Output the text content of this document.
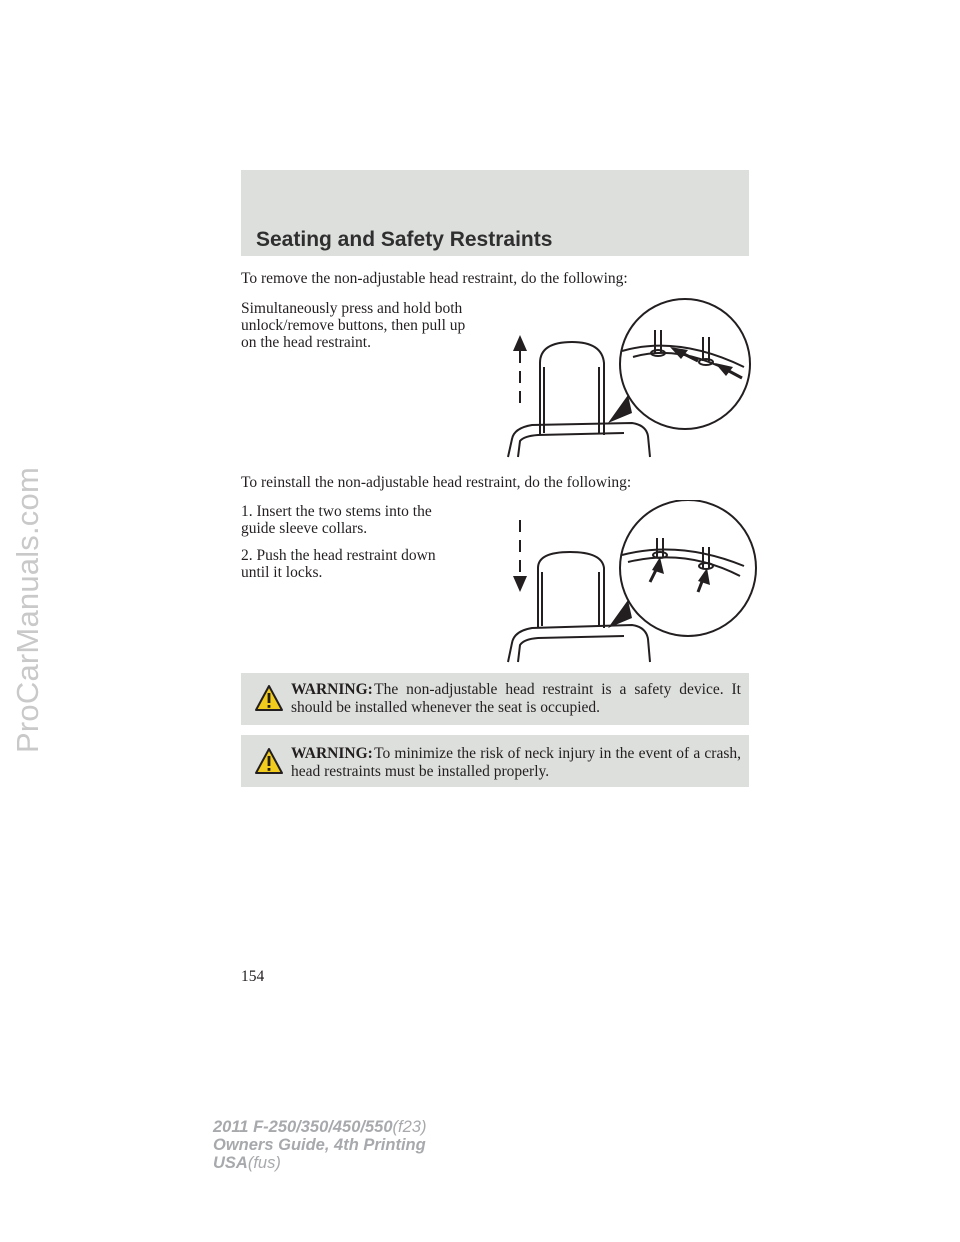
ProCarManuals.com
Seating and Safety Restraints

To remove the non-adjustable head restraint, do the following:

Simultaneously press and hold both

unlock/remove buttons, then pull up

on the head restraint.

To reinstall the non-adjustable head restraint, do the following:

1. Insert the two stems into the

guide sleeve collars.

2. Push the head restraint down

until it locks.

WARNING: The non-adjustable head restraint is a safety device. It should be installed whenever the seat is occupied.

WARNING: To minimize the risk of neck injury in the event of a crash, head restraints must be installed properly.

154

2011 F-250/350/450/550(f23)
Owners Guide, 4th Printing
USA(fus)
